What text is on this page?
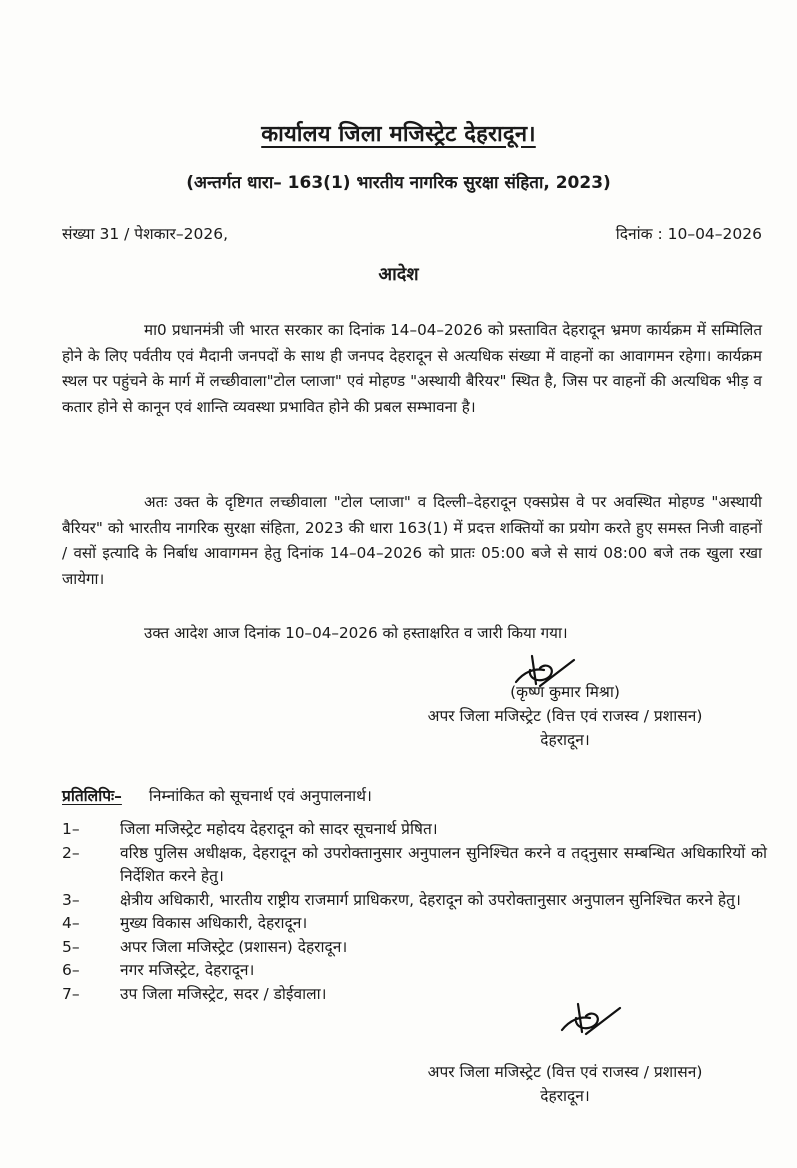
कार्यालय जिला मजिस्ट्रेट देहरादून।
(अन्तर्गत धारा– 163(1) भारतीय नागरिक सुरक्षा संहिता, 2023)
संख्या 31 / पेशकार–2026,	दिनांक : 10–04–2026
आदेश

मा0 प्रधानमंत्री जी भारत सरकार का दिनांक 14–04–2026 को प्रस्तावित देहरादून भ्रमण कार्यक्रम में सम्मिलित होने के लिए पर्वतीय एवं मैदानी जनपदों के साथ ही जनपद देहरादून से अत्यधिक संख्या में वाहनों का आवागमन रहेगा। कार्यक्रम स्थल पर पहुंचने के मार्ग में लच्छीवाला"टोल प्लाजा" एवं मोहण्ड "अस्थायी बैरियर" स्थित है, जिस पर वाहनों की अत्यधिक भीड़ व कतार होने से कानून एवं शान्ति व्यवस्था प्रभावित होने की प्रबल सम्भावना है।

अतः उक्त के दृष्टिगत लच्छीवाला "टोल प्लाजा" व दिल्ली–देहरादून एक्सप्रेस वे पर अवस्थित मोहण्ड "अस्थायी बैरियर" को भारतीय नागरिक सुरक्षा संहिता, 2023 की धारा 163(1) में प्रदत्त शक्तियों का प्रयोग करते हुए समस्त निजी वाहनों / वसों इत्यादि के निर्बाध आवागमन हेतु दिनांक 14–04–2026 को प्रातः 05:00 बजे से सायं 08:00 बजे तक खुला रखा जायेगा।

उक्त आदेश आज दिनांक 10–04–2026 को हस्ताक्षरित व जारी किया गया।

(कृष्ण कुमार मिश्रा)
अपर जिला मजिस्ट्रेट (वित्त एवं राजस्व / प्रशासन)
देहरादून।
प्रतिलिपिः– निम्नांकित को सूचनार्थ एवं अनुपालनार्थ।
1–	जिला मजिस्ट्रेट महोदय देहरादून को सादर सूचनार्थ प्रेषित।
2–	वरिष्ठ पुलिस अधीक्षक, देहरादून को उपरोक्तानुसार अनुपालन सुनिश्चित करने व तद्नुसार सम्बन्धित अधिकारियों को निर्देशित करने हेतु।
3–	क्षेत्रीय अधिकारी, भारतीय राष्ट्रीय राजमार्ग प्राधिकरण, देहरादून को उपरोक्तानुसार अनुपालन सुनिश्चित करने हेतु।
4–	मुख्य विकास अधिकारी, देहरादून।
5–	अपर जिला मजिस्ट्रेट (प्रशासन) देहरादून।
6–	नगर मजिस्ट्रेट, देहरादून।
7–	उप जिला मजिस्ट्रेट, सदर / डोईवाला।
अपर जिला मजिस्ट्रेट (वित्त एवं राजस्व / प्रशासन)
देहरादून।
